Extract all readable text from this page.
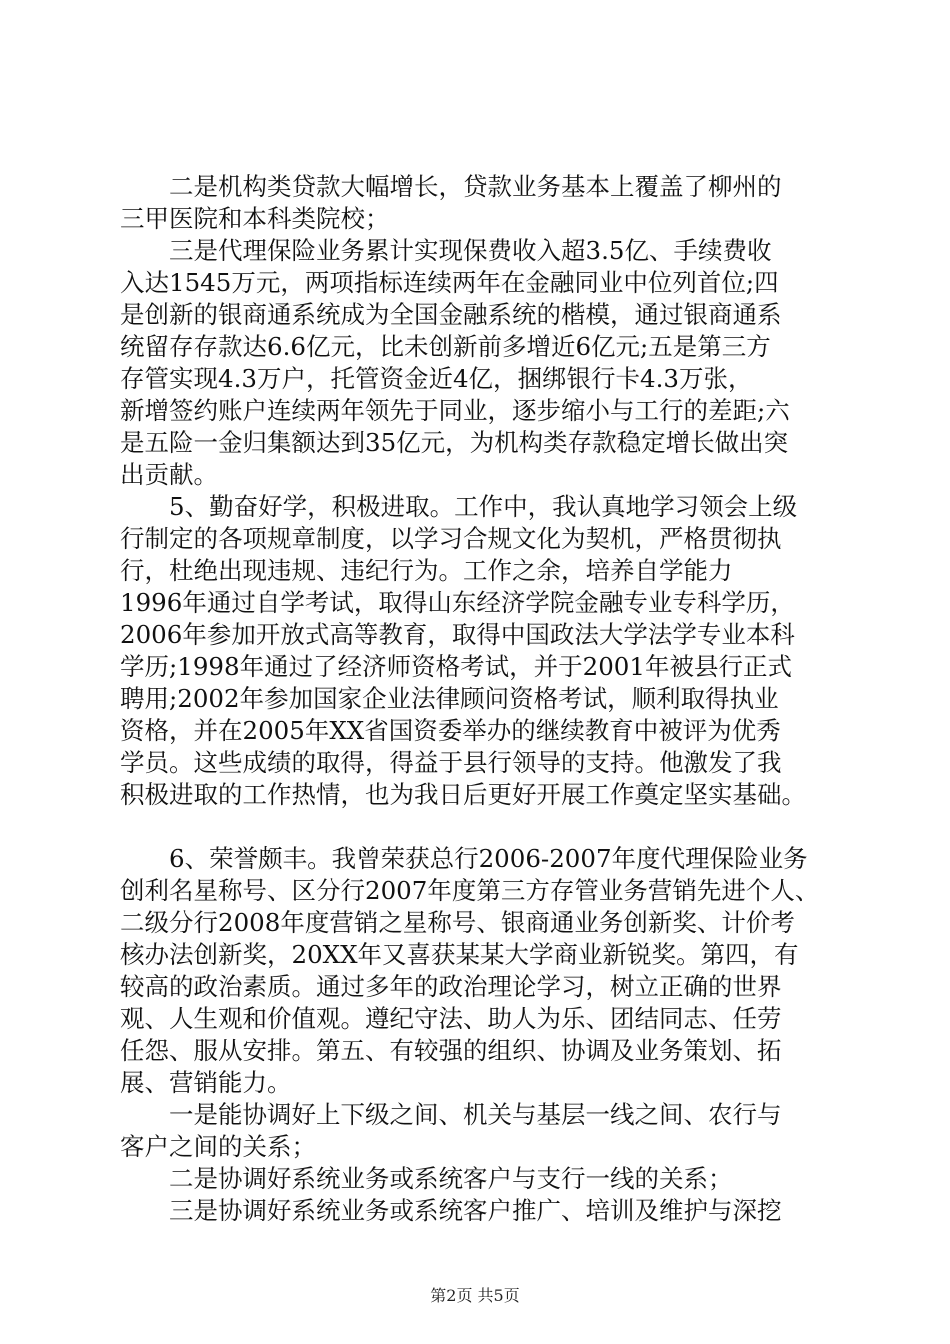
二是机构类贷款大幅增长，贷款业务基本上覆盖了柳州的
三甲医院和本科类院校；

三是代理保险业务累计实现保费收入超3.5亿、手续费收
入达1545万元，两项指标连续两年在金融同业中位列首位;四
是创新的银商通系统成为全国金融系统的楷模，通过银商通系
统留存存款达6.6亿元，比未创新前多增近6亿元;五是第三方
存管实现4.3万户，托管资金近4亿，捆绑银行卡4.3万张，
新增签约账户连续两年领先于同业，逐步缩小与工行的差距;六
是五险一金归集额达到35亿元，为机构类存款稳定增长做出突
出贡献。

5、勤奋好学，积极进取。工作中，我认真地学习领会上级
行制定的各项规章制度，以学习合规文化为契机，严格贯彻执
行，杜绝出现违规、违纪行为。工作之余，培养自学能力
1996年通过自学考试，取得山东经济学院金融专业专科学历，
2006年参加开放式高等教育，取得中国政法大学法学专业本科
学历;1998年通过了经济师资格考试，并于2001年被县行正式
聘用;2002年参加国家企业法律顾问资格考试，顺利取得执业
资格，并在2005年XX省国资委举办的继续教育中被评为优秀
学员。这些成绩的取得，得益于县行领导的支持。他激发了我
积极进取的工作热情，也为我日后更好开展工作奠定坚实基础。

6、荣誉颇丰。我曾荣获总行2006-2007年度代理保险业务
创利名星称号、区分行2007年度第三方存管业务营销先进个人、
二级分行2008年度营销之星称号、银商通业务创新奖、计价考
核办法创新奖，20XX年又喜获某某大学商业新锐奖。第四，有
较高的政治素质。通过多年的政治理论学习，树立正确的世界
观、人生观和价值观。遵纪守法、助人为乐、团结同志、任劳
任怨、服从安排。第五、有较强的组织、协调及业务策划、拓
展、营销能力。

一是能协调好上下级之间、机关与基层一线之间、农行与
客户之间的关系；

二是协调好系统业务或系统客户与支行一线的关系；

三是协调好系统业务或系统客户推广、培训及维护与深挖

第2页 共5页
